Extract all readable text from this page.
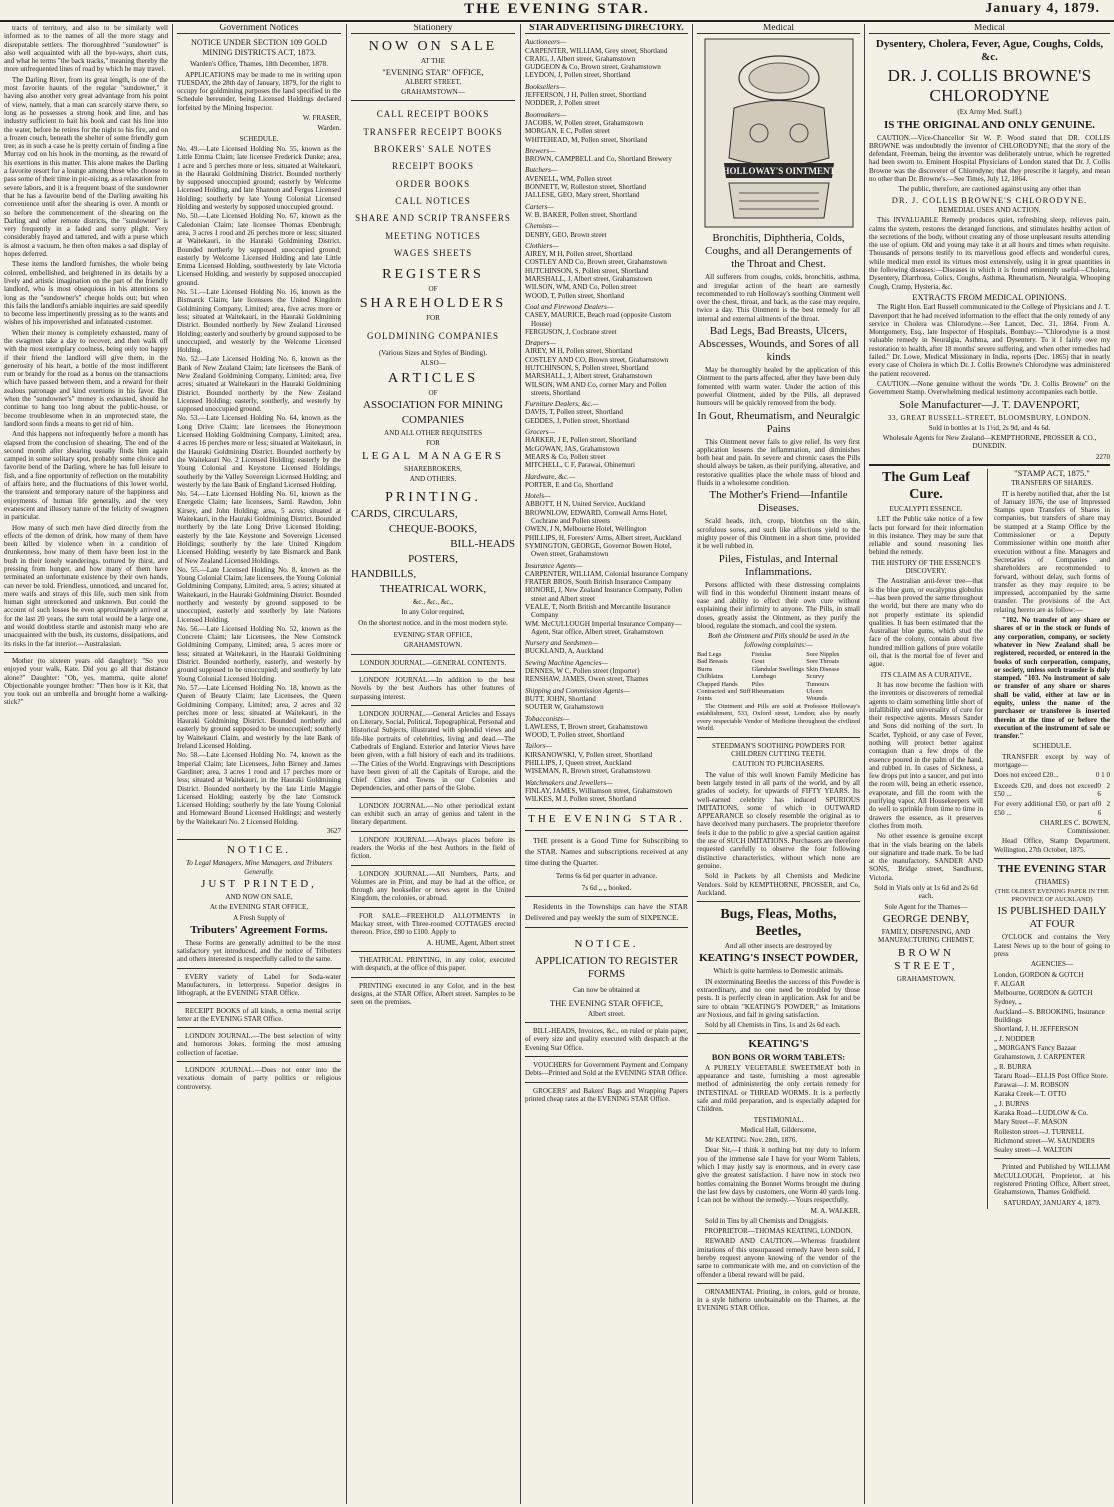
THE EVENING STAR.	January 4, 1879.

tracts of territory, and also to be similarly well informed as to the names of all the more stagy and disreputable settlers. The thoroughbred "sundowner" is also well acquainted with all the bye-ways, short cuts, and what he terms "the back tracks," meaning thereby the more unfrequented lines of road by which he may travel.

The Darling River, from its great length, is one of the most favorite haunts of the regular "sundowner," it having also another very great advantage from his point of view, namely, that a man can scarcely starve there, so long as he possesses a strong hook and line, and has industry sufficient to bait his hook and cast his line into the water, before he retires for the night to his fire, and on a frozen couch, beneath the shelter of some friendly gum tree; as in such a case he is pretty certain of finding a fine Murray cod on his hook in the morning, as the reward of his exertions in this matter. This alone makes the Darling a favorite resort for a lounge among those who choose to pass some of their time in pic-nicing, as a relaxation from severe labors, and it is a frequent boast of the sundowner that he has a favourite bend of the Darling awaiting his convenience until after the shearing is over. A month or so before the commencement of the shearing on the Darling and other remote districts, the "sundowner" is very frequently in a faded and sorry plight. Very considerably frayed and tattered, and with a purse which is almost a vacuum, he then often makes a sad display of hopes deferred.

These items the landlord furnishes, the whole being colored, embellished, and heightened in its details by a lively and artistic imagination on the part of the friendly landlord, who is most obsequious in his attentions so long as the "sundowner's" cheque holds out; but when this fails the landlord's amiable inquiries are said speedily to become less impertinently pressing as to the wants and wishes of his impoverished and infatuated customer.

When their money is completely exhausted, many of the swagmen take a day to recover, and then walk off with the most exemplary coolness, being only too happy if their friend the landlord will give them, in the generosity of his heart, a bottle of the most indifferent rum or brandy for the road as a bonus on the transactions which have passed between them, and a reward for their zealous patronage and kind exertions in his favor. But when the "sundowner's" money is exhausted, should he continue to hang too long about the public-house, or become troublesome when in an unprotected state, the landlord soon finds a means to get rid of him.

And this happens not infrequently before a month has elapsed from the conclusion of shearing. The end of the second month after shearing usually finds him again camped in some solitary spot, probably some choice and favorite bend of the Darling, where he has full leisure to fish, and a fine opportunity of reflection on the mutability of affairs here, and the fluctuations of this lower world, the transient and temporary nature of the happiness and enjoyments of human life generally, and the very evanescent and illusory nature of the felicity of swagmen in particular.

How many of such men have died directly from the effects of the demon of drink, how many of them have been killed by violence when in a condition of drunkenness, how many of them have been lost in the bush in their lonely wanderings, tortured by thirst, and pressing from hunger, and how many of them have terminated an unfortunate existence by their own hands, can never be told. Friendless, unnoticed, and uncared for, mere waifs and strays of this life, such men sink from human sight unreckoned and unknown. But could the account of such losses be even approximately arrived at for the last 20 years, the sum total would be a large one, and would doubtless startle and astonish many who are unacquainted with the bush, its customs, dissipations, and its risks in the far interior.—Australasian.

Mother (to sixteen years old daughter): "So you enjoyed your walk, Kate. Did you go all that distance alone?" Daughter: "Oh, yes, mamma, quite alone! Objectionable younger brother: "Then how is it Kit, that you took out an umbrella and brought home a walking-stick?"

Government Notices

NOTICE UNDER SECTION 109 GOLD MINING DISTRICTS ACT, 1873.

Warden's Office, Thames, 18th December, 1878.

APPLICATIONS may be made to me in writing upon TUESDAY, the 28th day of January, 1879, for the right to occupy for goldmining purposes the land specified in the Schedule hereunder, being Licensed Holdings declared forfeited by the Mining Inspector.

W. FRASER,

Warden.

SCHEDULE.

No. 49.—Late Licensed Holding No. 55, known as the Little Emma Claim; late licensee Frederick Dunke; area, 1 acre and 5 perches more or less, situated at Waitekauri, in the Hauraki Goldmining District. Bounded northerly by supposed unoccupied ground; easterly by Welcome Licensed Holding, and late Shannon and Fergus Licensed Holding; southerly by late Young Colonial Licensed Holding and westerly by supposed unoccupied ground.

No. 50.—Late Licensed Holding No. 67, known as the Caledonian Claim; late licensee Thomas Ebenbrugh; area, 3 acres 1 rood and 26 perches more or less; situated at Waitekauri, in the Hauraki Goldmining District. Bounded northerly by supposed unoccupied ground; easterly by Welcome Licensed Holding and late Little Emma Licensed Holding, southwesterly by late Victoria Licensed Holding, and westerly by supposed unoccupied ground.

No. 51.—Late Licensed Holding No. 16, known as the Bismarck Claim; late licensees the United Kingdom Goldmining Company, Limited; area, five acres more or less; situated at Waitekauri, in the Hauraki Goldmining District. Bounded northerly by New Zealand Licensed Holding; easterly and southerly by ground supposed to be unoccupied, and westerly by the Welcome Licensed Holding.

No. 52.—Late Licensed Holding No. 6, known as the Bank of New Zealand Claim; late licensees the Bank of New Zealand Goldmining Company, Limited; area, five acres; situated at Waitekauri in the Hauraki Goldmining District. Bounded northerly by the New Zealand Licensed Holding; easterly, southerly, and westerly by supposed unoccupied ground.

No. 53.—Late Licensed Holding No. 64, known as the Long Drive Claim; late licensees the Honeymoon Licensed Holding Goldmining Company, Limited; area, 4 acres 16 perches more or less; situated at Waitekauri, in the Hauraki Goldmining District. Bounded northerly by the Waitekauri No. 2 Licensed Holding; easterly by the Young Colonial and Keystone Licensed Holdings; southerly by the Valley Sovereign Licensed Holding; and westerly by the late Bank of England Licensed Holding.

No. 54.—Late Licensed Holding No. 61, known as the Energetic Claim; late licensees, Saml. Rawdon, John Kirsey, and John Holding; area, 5 acres; situated at Waitekauri, in the Hauraki Goldmining District. Bounded northerly by the late Long Drive Licensed Holding; easterly by the late Keystone and Sovereign Licensed Holdings; southerly by the late United Kingdom Licensed Holding; westerly by late Bismarck and Bank of New Zealand Licensed Holdings.

No. 55.—Late Licensed Holding No. 8, known as the Young Colonial Claim; late licensees, the Young Colonial Goldmining Company, Limited; area, 5 acres; situated at Waitekauri, in the Hauraki Goldmining District. Bounded northerly and westerly by ground supposed to be unoccupied, easterly and southerly by late Nations Licensed Holding.

No. 56.—Late Licensed Holding No. 52, known as the Concrete Claim; late Licensees, the New Comstock Goldmining Company, Limited; area, 5 acres more or less; situated at Waitekauri, in the Hauraki Goldmining District. Bounded northerly, easterly, and westerly by ground supposed to be unoccupied; and southerly by late Young Colonial Licensed Holding.

No. 57.—Late Licensed Holding No. 18, known as the Queen of Beauty Claim; late Licensees, the Queen Goldmining Company, Limited; area, 2 acres and 32 perches more or less; situated at Waitekauri, in the Hauraki Goldmining District. Bounded northerly and easterly by ground supposed to be unoccupied; southerly by Waitekauri Claim, and westerly by the late Bank of Ireland Licensed Holding.

No. 58.—Late Licensed Holding No. 74, known as the Imperial Claim; late Licensees, John Birney and James Gardiner; area, 3 acres 1 rood and 17 perches more or less; situated at Waitekauri, in the Hauraki Goldmining District. Bounded northerly by the late Little Maggie Licensed Holding; easterly by the late Comstock Licensed Holding; southerly by the late Young Colonial and Homeward Bound Licensed Holdings; and westerly by the Waitekauri No. 2 Licensed Holding.

3627

NOTICE.

To Legal Managers, Mine Managers, and Tributers Generally.

JUST PRINTED,

AND NOW ON SALE,

At the EVENING STAR OFFICE,

A Fresh Supply of

Tributers' Agreement Forms.

These Forms are generally admitted to be the most satisfactory yet introduced, and the notice of Tributers and others interested is respectfully called to the same.

EVERY variety of Label for Soda-water Manufacturers, in letterpress. Superior designs in lithograph, at the EVENING STAR Office.

RECEIPT BOOKS of all kinds, n orma mental script letter at the EVENING STAR Office.

LONDON JOURNAL.—The best selection of witty and humorous Jokes, forming the most amusing collection of facetiae.

LONDON JOURNAL.—Does not enter into the vexatious domain of party politics or religious controversy.

Stationery

NOW ON SALE

AT THE

"EVENING STAR" OFFICE,

ALBERT STREET,

GRAHAMSTOWN—

CALL RECEIPT BOOKS

TRANSFER RECEIPT BOOKS

BROKERS' SALE NOTES

RECEIPT BOOKS

ORDER BOOKS

CALL NOTICES

SHARE AND SCRIP TRANSFERS

MEETING NOTICES

WAGES SHEETS

REGISTERS

OF

SHAREHOLDERS

FOR

GOLDMINING COMPANIES

(Various Sizes and Styles of Binding).

ALSO—

ARTICLES

OF

ASSOCIATION FOR MINING

COMPANIES

AND ALL OTHER REQUISITES

FOR

LEGAL MANAGERS

SHAREBROKERS,

AND OTHERS.

PRINTING.

CARDS, CIRCULARS,

CHEQUE-BOOKS,

BILL-HEADS

POSTERS,

HANDBILLS,

THEATRICAL WORK,

&c., &c., &c.,

In any Color required,

On the shortest notice, and in the most modern style.

EVENING STAR OFFICE,

GRAHAMSTOWN.

LONDON JOURNAL.—GENERAL CONTENTS.

LONDON JOURNAL.—In addition to the best Novels by the best Authors has other features of surpassing interest.

LONDON JOURNAL.—General Articles and Essays on Literary, Social, Political, Topographical, Personal and Historical Subjects, illustrated with splendid views and life-like portraits of celebrities, living and dead.—The Cathedrals of England. Exterior and Interior Views have been given, with a full history of each and its traditions.—The Cities of the World. Engravings with Descriptions have been given of all the Capitals of Europe, and the Chief Cities and Towns in our Colonies and Dependencies, and other parts of the Globe.

LONDON JOURNAL.—No other periodical extant can exhibit such an array of genius and talent in the literary department.

LONDON JOURNAL.—Always places before its readers the Works of the best Authors in the field of fiction.

LONDON JOURNAL.—All Numbers, Parts, and Volumes are in Print, and may be had at the office, or through any bookseller or news agent in the United Kingdom, the colonies, or abroad.

FOR SALE—FREEHOLD ALLOTMENTS in Mackay street, with Three-roomed COTTAGES erected thereon. Price, £80 to £100. Apply to

A. HUME, Agent, Albert street

THEATRICAL PRINTING, in any color, executed with despatch, at the office of this paper.

PRINTING executed in any Color, and in the best designs, at the STAR Office, Albert street. Samples to be seen on the premises.

STAR ADVERTISING DIRECTORY.
Auctioneers—

CARPENTER, WILLIAM, Grey street, Shortland

CRAIG, J, Albert street, Grahamstown

GUDGEON & Co, Brown street, Grahamstown

LEYDON, J, Pollen street, Shortland

Booksellers—

JEFFERSON, J H, Pollen street, Shortland

NODDER, J, Pollen street

Bootmakers—

JACOBS, W, Pollen street, Grahamstown

MORGAN, E C, Pollen street

WHITEHEAD, M, Pollen street, Shortland

Brewers—

BROWN, CAMPBELL and Co, Shortland Brewery

Butchers—

AVENELL, WM, Pollen street

BONNETT, W, Rolleston street, Shortland

JALLESE, GEO, Mary street, Shortland

Carters—

W. B. BAKER, Pollen street, Shortland

Chemists—

DENBY, GEO, Brown street

Clothiers—

AIREY, M H, Pollen street, Shortland

COSTLEY AND Co, Brown street, Grahamstown

HUTCHINSON, S, Pollen street, Shortland

MARSHALL, J, Albert street, Grahamstown

WILSON, WM, AND Co, Pollen street

WOOD, T, Pollen street, Shortland

Coal and Firewood Dealers—

CASEY, MAURICE, Beach road (opposite Custom House)

FERGUSON, J, Cochrane street

Drapers—

AIREY, M H, Pollen street, Shortland

COSTLEY AND CO, Brown street, Grahamstown

HUTCHINSON, S, Pollen street, Shortland

MARSHALL, J, Albert street, Grahamstown

WILSON, WM AND Co, corner Mary and Pollen streets, Shortland

Furniture Dealers, &c.—

DAVIS, T, Pollen street, Shortland

GEDDES, J, Pollen street, Shortland

Grocers—

HARKER, J E, Pollen street, Shortland

McGOWAN, JAS, Grahamstown

MEARS & Co, Pollen street

MITCHELL, C F, Parawai, Ohinemuri

Hardware, &c.—

PORTER, E and Co, Shortland

Hotels—

ABBOTT, H N, United Service, Auckland

BROWNLOW, EDWARD, Cornwall Arms Hotel, Cochrane and Pollen streets

OWEN, J N, Melbourne Hotel, Wellington

PHILLIPS, H, Foresters' Arms, Albert street, Auckland

SYMINGTON, GEORGE, Governor Bowen Hotel, Owen street, Grahamstown

Insurance Agents—

CARPENTER, WILLIAM, Colonial Insurance Company

FRATER BROS, South British Insurance Company

HONORE, J, New Zealand Insurance Company, Pollen street and Albert street

VEALE, T, North British and Mercantile Insurance Company

WM. McCULLOUGH Imperial Insurance Company—Agent, Star office, Albert street, Grahamstown

Nursery and Seedsmen—

BUCKLAND, A, Auckland

Sewing Machine Agencies—

DENNES, W C, Pollen street (Importer)

RENSHAW, JAMES, Owen street, Thames

Shipping and Commission Agents—

BUTT, JOHN, Shortland

SOUTER W, Grahamstown

Tobacconists—

LAWLESS, T, Brown street, Grahamstown

WOOD, T, Pollen street, Shortland

Tailors—

KIRSANOWSKI, V, Pollen street, Shortland

PHILLIPS, J, Queen street, Auckland

WISEMAN, R, Brown street, Grahamstown

Watchmakers and Jewellers—

FINLAY, JAMES, Williamson street, Grahamstown

WILKES, M J, Pollen street, Shortland

THE EVENING STAR.

THE present is a Good Time for Subscribing to the STAR. Names and subscriptions received at any time during the Quarter.

Terms 6s 6d per quarter in advance.

7s 6d „ „ booked.

Residents in the Townships can have the STAR Delivered and pay weekly the sum of SIXPENCE.

NOTICE.

APPLICATION TO REGISTER FORMS

Can now be obtained at

THE EVENING STAR OFFICE,

Albert street.

BILL-HEADS, Invoices, &c., on ruled or plain paper, of every size and quality executed with despatch at the Evening Star Office.

VOUCHERS for Government Payment and Company Debts—Printed and Sold at the EVENING STAR Office.

GROCERS' and Bakers' Bags and Wrapping Papers printed cheap rates at the EVENING STAR Office.

Medical
HOLLOWAY'S OINTMENT

Bronchitis, Diphtheria, Colds, Coughs, and all Derangements of the Throat and Chest.

All sufferers from coughs, colds, bronchitis, asthma, and irregular action of the heart are earnestly recommended to rub Holloway's soothing Ointment well over the chest, throat, and back, as the case may require, twice a day. This Ointment is the best remedy for all internal and external ailments of the throat.

Bad Legs, Bad Breasts, Ulcers, Abscesses, Wounds, and Sores of all kinds

May be thoroughly healed by the application of this Ointment to the parts affected, after they have been duly fomented with warm water. Under the action of this powerful Ointment, aided by the Pills, all depraved humours will be quickly removed from the body.

In Gout, Rheumatism, and Neuralgic Pains

This Ointment never fails to give relief. Its very first application lessens the inflammation, and diminishes both heat and pain. In severe and chronic cases the Pills should always be taken, as their purifying, alterative, and restorative qualities place the whole mass of blood and fluids in a wholesome condition.

The Mother's Friend—Infantile Diseases.

Scald heads, itch, croup, blotches on the skin, scrofulous sores, and such like affections yield to the mighty power of this Ointment in a short time, provided it be well rubbed in.

Piles, Fistulas, and Internal Inflammations.

Persons afflicted with these distressing complaints will find in this wonderful Ointment instant means of ease and ability to effect their own cure without explaining their infirmity to anyone. The Pills, in small doses, greatly assist the Ointment, as they purify the blood, regulate the stomach, and cool the system.

Both the Ointment and Pills should be used in the following complaints:—

Bad Legs
Bad Breasts
Burns
Chilblains
Chapped Hands
Contracted and Stiff Joints
Fistulas
Gout
Glandular Swellings
Lumbago
Piles
Rheumatism
Sore Nipples
Sore Throats
Skin Disease
Scurvy
Tumours
Ulcers
Wounds

The Ointment and Pills are sold at Professor Holloway's establishment, 533, Oxford street, London; also by nearly every respectable Vendor of Medicine throughout the civilized World.

STEEDMAN'S SOOTHING POWDERS FOR CHILDREN CUTTING TEETH.

CAUTION TO PURCHASERS.

The value of this well known Family Medicine has been largely tested in all parts of the world, and by all grades of society, for upwards of FIFTY YEARS. Its well-earned celebrity has induced SPURIOUS IMITATIONS, some of which in OUTWARD APPEARANCE so closely resemble the original as to have deceived many purchasers. The proprietor therefore feels it due to the public to give a special caution against the use of SUCH IMITATIONS. Purchasers are therefore requested carefully to observe the four following distinctive characteristics, without which none are genuine.

Sold in Packets by all Chemists and Medicine Vendors. Sold by KEMPTHORNE, PROSSER, and Co, Auckland.

Bugs, Fleas, Moths, Beetles,

And all other insects are destroyed by

KEATING'S INSECT POWDER,

Which is quite harmless to Domestic animals.

IN exterminating Beetles the success of this Powder is extraordinary, and no one need be troubled by those pests. It is perfectly clean in application. Ask for and be sure to obtain "KEATING'S POWDER," as Imitations are Noxious, and fail in giving satisfaction.

Sold by all Chemists in Tins, 1s and 2s 6d each.

KEATING'S

BON BONS OR WORM TABLETS:

A PURELY VEGETABLE SWEETMEAT both in appearance and taste, furnishing a most agreeable method of administering the only certain remedy for INTESTINAL or THREAD WORMS. It is a perfectly safe and mild preparation, and is especially adapted for Children.

TESTIMONIAL.

Medical Hall, Gildersome,

Mr KEATING. Nov. 28th, 1876.

Dear Sir,—I think it nothing but my duty to inform you of the immense sale I have for your Worm Tablets, which I may justly say is enormous, and in every case give the greatest satisfaction. I have now in stock two bottles containing the Bonnet Worms brought me during the last few days by customers, one Worm 40 yards long. I can not be without the remedy.—Yours respectfully,

M. A. WALKER.

Sold in Tins by all Chemists and Druggists.

PROPRIETOR—THOMAS KEATING, LONDON.

REWARD AND CAUTION.—Whereas fraudulent imitations of this unsurpassed remedy have been sold, I hereby request anyone knowing of the vendor of the same to communicate with me, and on conviction of the offender a liberal reward will be paid.

ORNAMENTAL Printing, in colors, gold or bronze, in a style hitherto unobtainable on the Thames, at the EVENING STAR Office.

Medical

Dysentery, Cholera, Fever, Ague, Coughs, Colds, &c.

DR. J. COLLIS BROWNE'S CHLORODYNE

(Ex Army Med. Staff.)

IS THE ORIGINAL AND ONLY GENUINE.

CAUTION.—Vice-Chancellor Sir W. P. Wood stated that DR. COLLIS BROWNE was undoubtedly the inventor of CHLORODYNE; that the story of the defendant, Freeman, being the inventor was deliberately untrue, which he regretted had been sworn to. Eminent Hospital Physicians of London stated that Dr. J. Collis Browne was the discoverer of Chlorodyne; that they prescribe it largely, and mean no other than Dr. Browne's.—See Times, July 12, 1864.

The public, therefore, are cautioned against using any other than

DR. J. COLLIS BROWNE'S CHLORODYNE.

REMEDIAL USES AND ACTION.

This INVALUABLE Remedy produces quiet, refreshing sleep, relieves pain, calms the system, restores the deranged functions, and stimulates healthy action of the secretions of the body, without creating any of those unpleasant results attending the use of opium. Old and young may take it at all hours and times when requisite. Thousands of persons testify to its marvellous good effects and wonderful cures, while medical men extol its virtues most extensively, using it in great quantities in the following diseases:—Diseases in which it is found eminently useful—Cholera, Dysentery, Diarrhoea, Colics, Coughs, Asthma, Rheumatism, Neuralgia, Whooping Cough, Cramp, Hysteria, &c.

EXTRACTS FROM MEDICAL OPINIONS.

The Right Hon. Earl Russell communicated to the College of Physicians and J. T. Davenport that he had received information to the effect that the only remedy of any service in Cholera was Chlorodyne.—See Lancet, Dec. 31, 1864. From A. Montgomery, Esq., late Inspector of Hospitals, Bombay:—"Chlorodyne is a most valuable remedy in Neuralgia, Asthma, and Dysentery. To it I fairly owe my restoration to health, after 18 months' severe suffering, and when other remedies had failed." Dr. Lowe, Medical Missionary in India, reports (Dec. 1865) that in nearly every case of Cholera in which Dr. J. Collis Browne's Chlorodyne was administered the patient recovered.

CAUTION.—None genuine without the words "Dr. J. Collis Browne" on the Government Stamp. Overwhelming medical testimony accompanies each bottle.

Sole Manufacturer—J. T. DAVENPORT,

33, GREAT RUSSELL-STREET, BLOOMSBURY, LONDON.

Sold in bottles at 1s 1½d, 2s 9d, and 4s 6d.

Wholesale Agents for New Zealand—KEMPTHORNE, PROSSER & CO., DUNEDIN.

2270

The Gum Leaf Cure.

EUCALYPTI ESSENCE.

LET the Public take notice of a few facts put forward for their information in this instance. They may be sure that reliable and sound reasoning lies behind the remedy.

THE HISTORY OF THE ESSENCE'S DISCOVERY.

The Australian anti-fever tree—that is the blue gum, or eucalyptus globulus—has been proved the same throughout the world, but there are many who do not properly estimate its splendid qualities. It has been estimated that the Australian blue gums, which stud the face of the colony, contain about five hundred million gallons of pure volatile oil, that is the mortal foe of fever and ague.

ITS CLAIM AS A CURATIVE.

It has now become the fashion with the inventors or discoverers of remedial agents to claim something little short of infallibility and universality of cure for their respective agents. Messrs Sander and Sons did nothing of the sort. In Scarlet, Typhoid, or any case of Fever, nothing will protect better against contagion than a few drops of the essence poured in the palm of the hand, and rubbed in. In cases of Sickness, a few drops put into a saucer, and put into the room will, being an etheric essence, evaporate, and fill the room with the purifying vapor. All Housekeepers will do well to sprinkle from time to time in drawers the essence, as it preserves clothes from moth.

No other essence is genuine except that in the vials bearing on the labels our signature and trade mark. To be had at the manufactory, SANDER AND SONS, Bridge street, Sandhurst, Victoria.

Sold in Vials only at 1s 6d and 2s 6d each.

Sole Agent for the Thames—

GEORGE DENBY,

FAMILY, DISPENSING, AND MANUFACTURING CHEMIST,

BROWN STREET,

GRAHAMSTOWN.

"STAMP ACT, 1875."

TRANSFERS OF SHARES.

IT is hereby notified that, after the 1st of January 1876, the use of Impressed Stamps upon Transfers of Shares in companies, but transfers of share may be stamped at a Stamp Office by the Commissioner or a Deputy Commissioner within one month after execution without a fine. Managers and Secretaries of Companies and shareholders are recommended to forward, without delay, such forms of transfer as they may require to be impressed, accompanied by the same transfer. The provisions of the Act relating hereto are as follow:—

"102. No transfer of any share or shares of or in the stock or funds of any corporation, company, or society whatever in New Zealand shall be registered, recorded, or entered in the books of such corporation, company, or society, unless such transfer is duly stamped. "103. No instrument of sale or transfer of any share or shares shall be valid, either at law or in equity, unless the name of the purchaser or transferee is inserted therein at the time of or before the execution of the instrument of sale or transfer."

SCHEDULE.

TRANSFER except by way of mortgage—

Does not exceed £20...	0 1 0

Exceeds £20, and does not exceed £50 ...
0 2 6

For every additional £50, or part of £50 ...
0 2 6

CHARLES C. BOWEN, Commissioner.

Head Office, Stamp Department, Wellington, 27th October, 1875.

THE EVENING STAR

(THAMES)

(THE OLDEST EVENING PAPER IN THE PROVINCE OF AUCKLAND)

IS PUBLISHED DAILY AT FOUR

O'CLOCK and contains the Very Latest News up to the hour of going to press

AGENCIES—

London, GORDON & GOTCH

F. ALGAR

Melbourne, GORDON & GOTCH

Sydney, „

Auckland—S. BROOKING, Insurance Buildings

Shortland, J. H. JEFFERSON

„ J. NODDER

„ MORGAN'S Fancy Bazaar

Grahamstown, J. CARPENTER

„ R. BURRA

Tararu Road—ELLIS Post Office Store.

Parawai—J. M. ROBSON

Karaka Creek—T. OTTO

„ J. BURNS

Karaka Road—LUDLOW & Co.

Mary Street—F. MASON

Rolleston street—J. TURNELL

Richmond street—W. SAUNDERS

Sealey street—J. WALTON

Printed and Published by WILLIAM McCULLOUGH, Proprietor, at his registered Printing Office, Albert street, Grahamstown, Thames Goldfield.

SATURDAY, JANUARY 4, 1879.
